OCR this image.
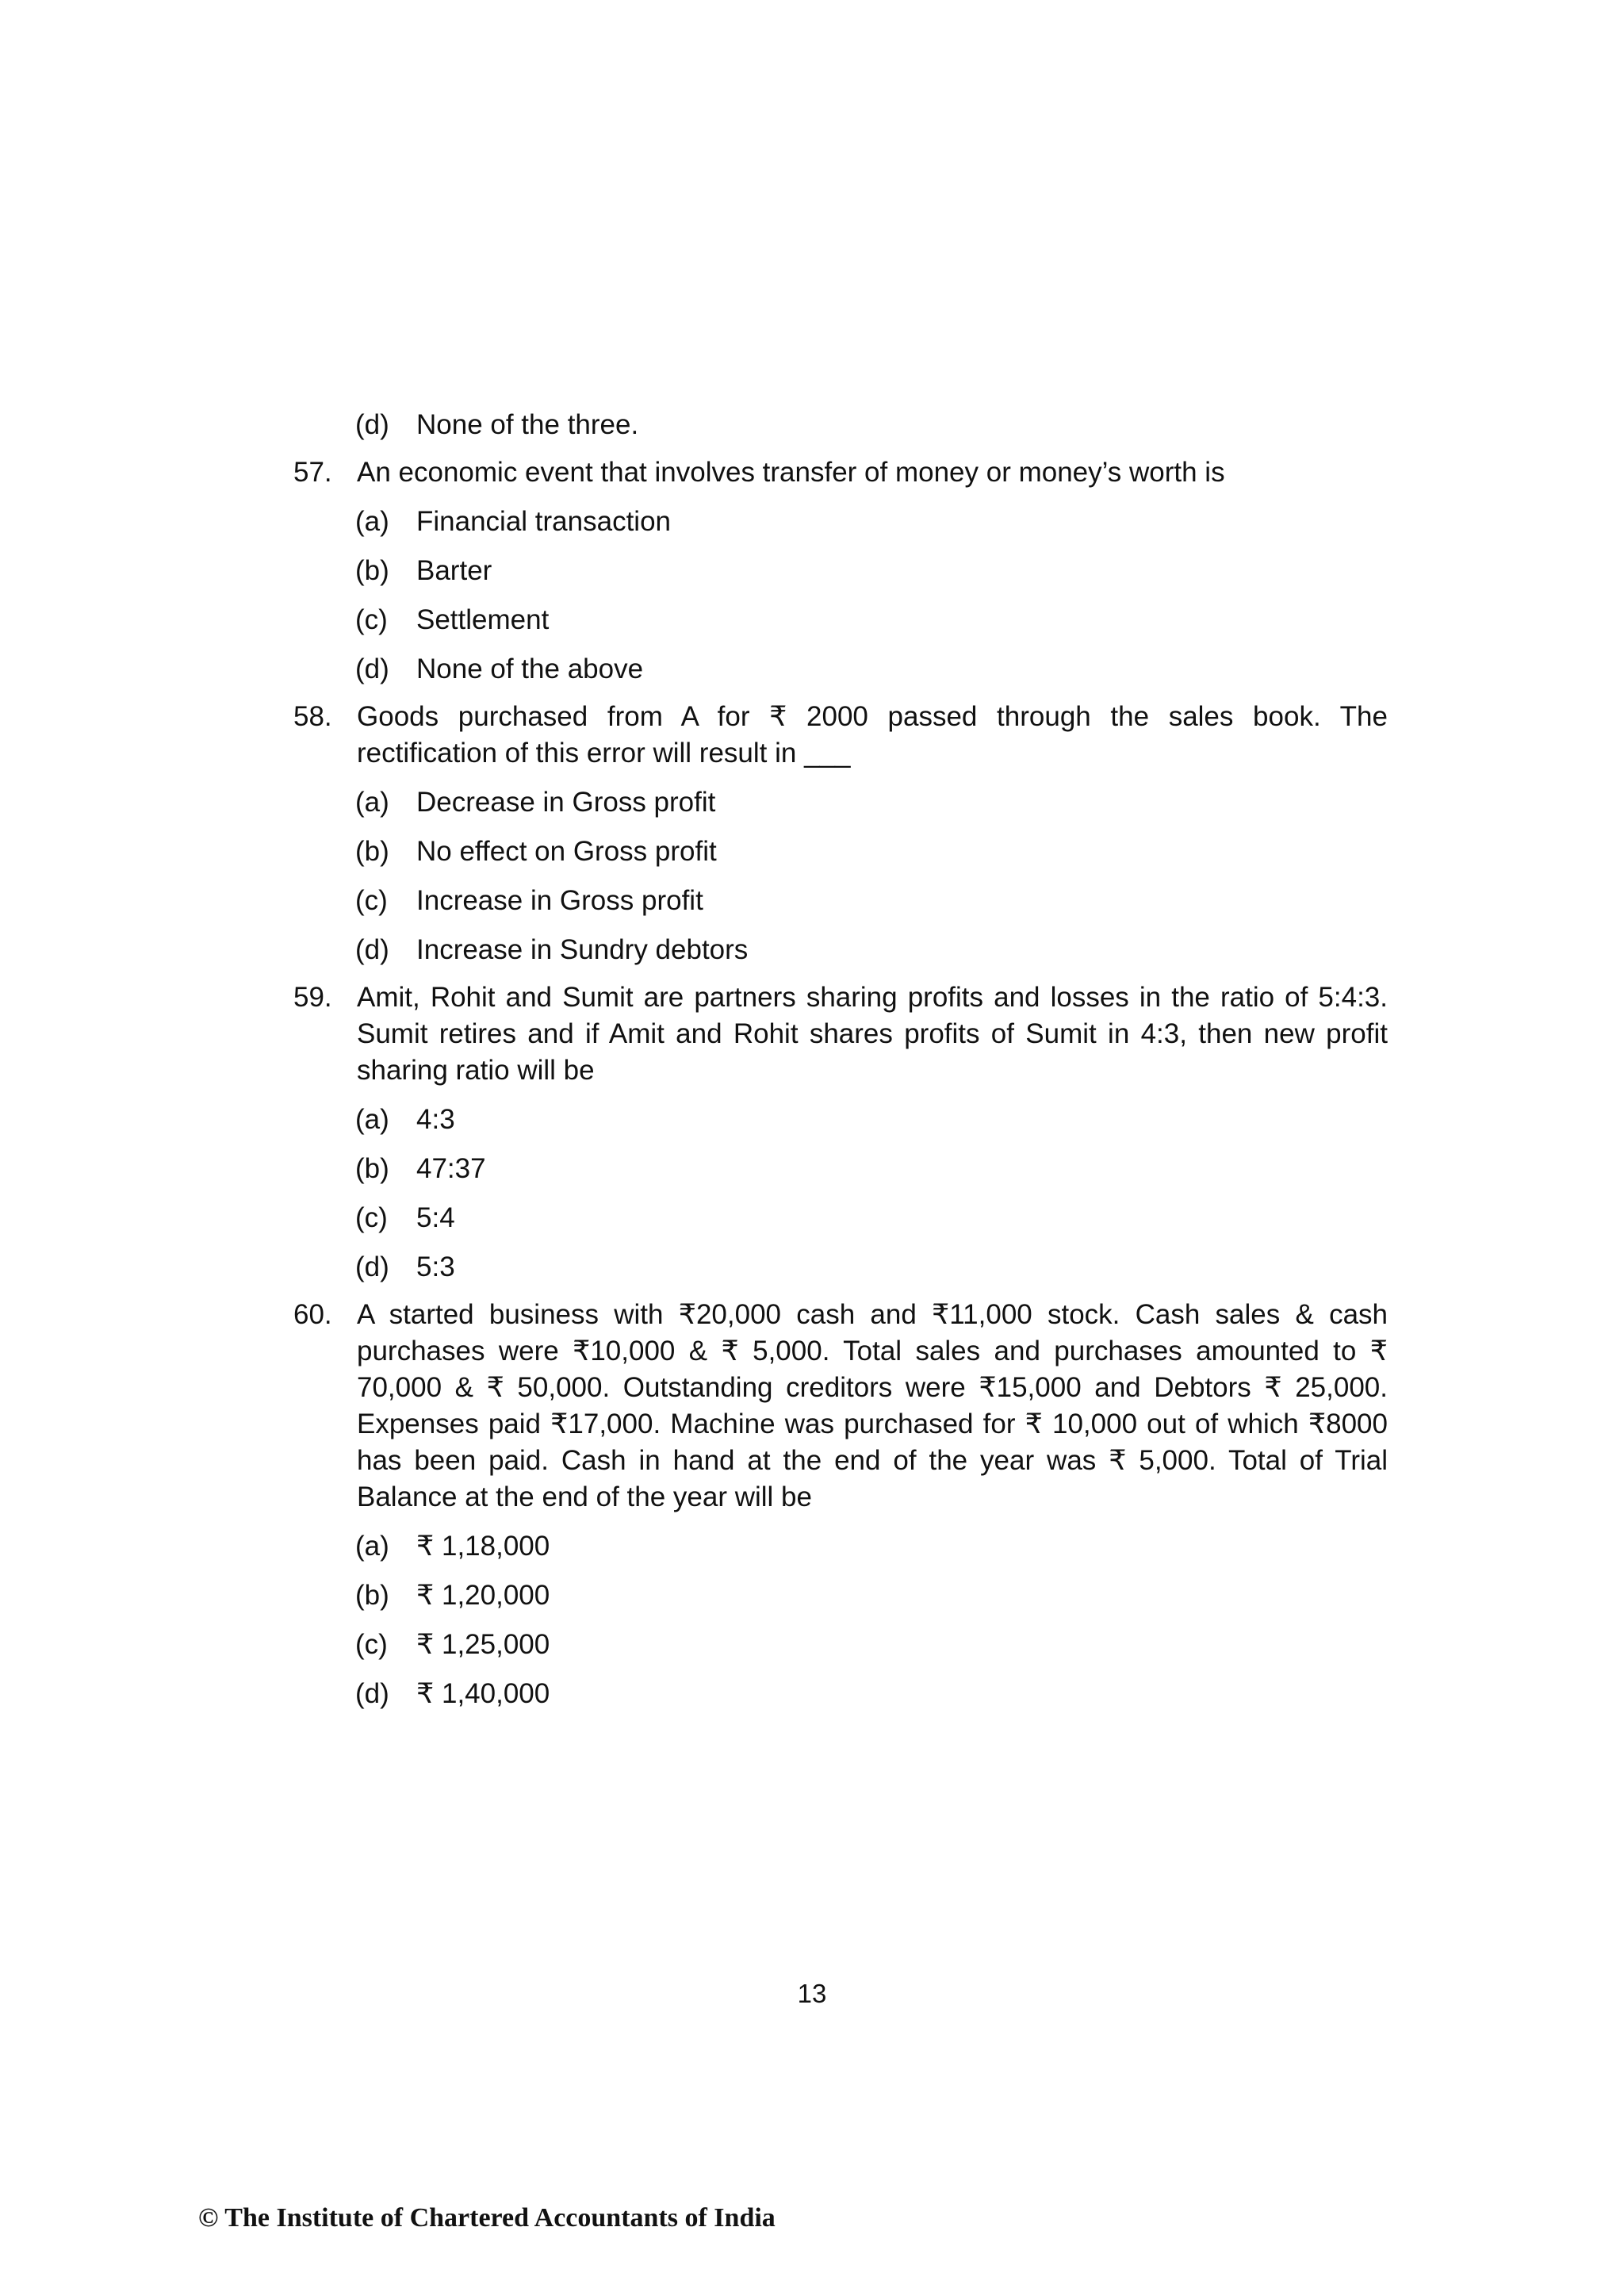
(d) None of the three.
57. An economic event that involves transfer of money or money’s worth is
(a) Financial transaction
(b) Barter
(c) Settlement
(d) None of the above
58. Goods purchased from A for ₹ 2000 passed through the sales book. The rectification of this error will result in ___
(a) Decrease in Gross profit
(b) No effect on Gross profit
(c) Increase in Gross profit
(d) Increase in Sundry debtors
59. Amit, Rohit and Sumit are partners sharing profits and losses in the ratio of 5:4:3. Sumit retires and if Amit and Rohit shares profits of Sumit in 4:3, then new profit sharing ratio will be
(a) 4:3
(b) 47:37
(c) 5:4
(d) 5:3
60. A started business with ₹20,000 cash and ₹11,000 stock. Cash sales & cash purchases were ₹10,000 & ₹ 5,000. Total sales and purchases amounted to ₹ 70,000 & ₹ 50,000. Outstanding creditors were ₹15,000 and Debtors ₹ 25,000. Expenses paid ₹17,000. Machine was purchased for ₹ 10,000 out of which ₹8000 has been paid. Cash in hand at the end of the year was ₹ 5,000. Total of Trial Balance at the end of the year will be
(a) ₹ 1,18,000
(b) ₹ 1,20,000
(c) ₹ 1,25,000
(d) ₹ 1,40,000
13
© The Institute of Chartered Accountants of India
